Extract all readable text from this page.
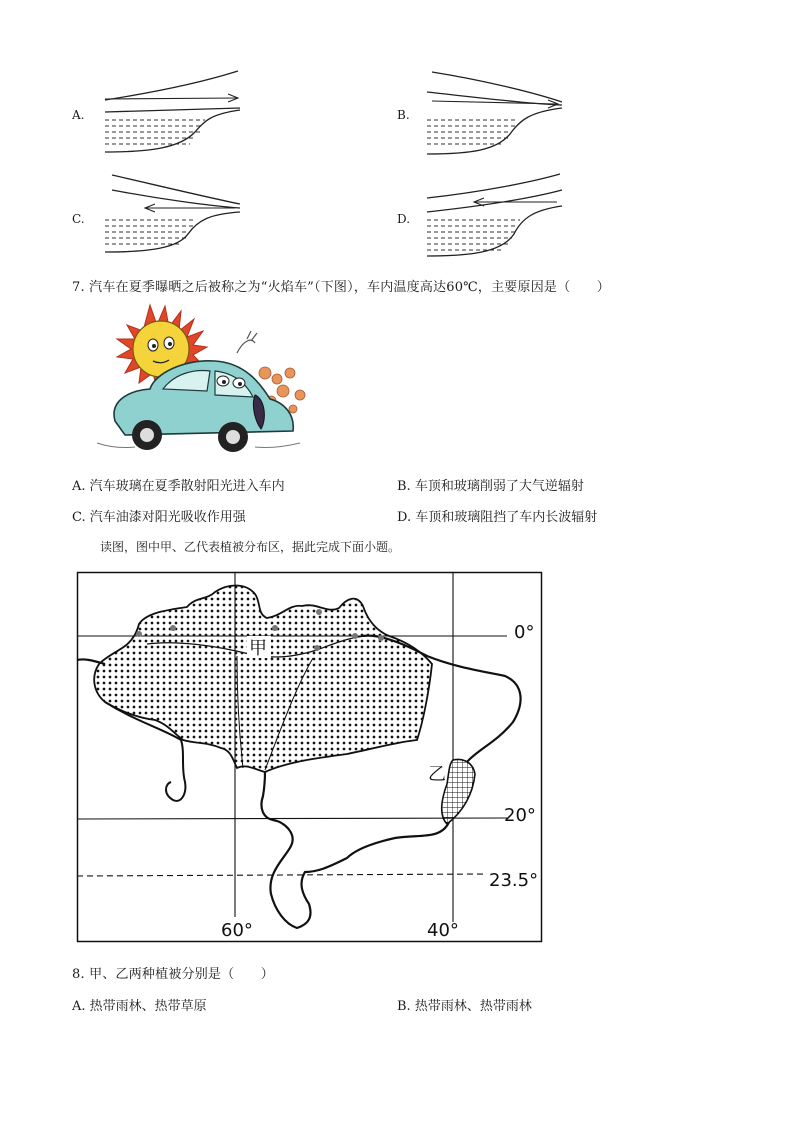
A.	B.
C.	D.
7. 汽车在夏季曝晒之后被称之为“火焰车”（下图），车内温度高达60℃，主要原因是（　　）
A. 汽车玻璃在夏季散射阳光进入车内	B. 车顶和玻璃削弱了大气逆辐射
C. 汽车油漆对阳光吸收作用强	D. 车顶和玻璃阻挡了车内长波辐射
读图，图中甲、乙代表植被分布区，据此完成下面小题。
甲
乙
0°
20°
23.5°
60°	40°
8. 甲、乙两种植被分别是（　　）
A. 热带雨林、热带草原	B. 热带雨林、热带雨林
